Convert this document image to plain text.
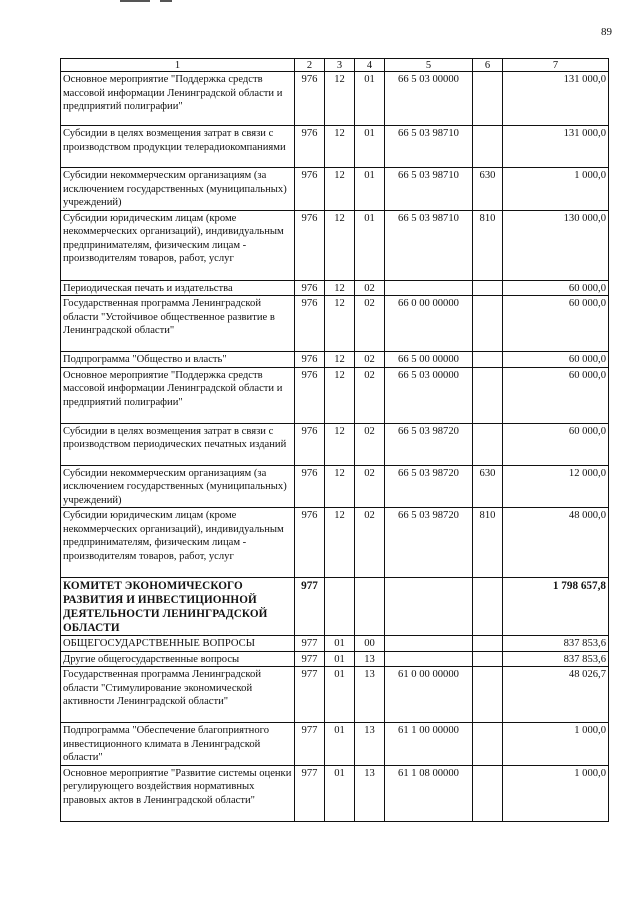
89
1	2	3	4	5	6	7
Основное мероприятие "Поддержка средств массовой информации Ленинградской области и предприятий полиграфии"	976	12	01	66 5 03 00000		131 000,0
Субсидии в целях возмещения затрат в связи с производством продукции телерадиокомпаниями	976	12	01	66 5 03 98710		131 000,0
Субсидии некоммерческим организациям (за исключением государственных (муниципальных) учреждений)	976	12	01	66 5 03 98710	630	1 000,0
Субсидии юридическим лицам (кроме некоммерческих организаций), индивидуальным предпринимателям, физическим лицам - производителям товаров, работ, услуг	976	12	01	66 5 03 98710	810	130 000,0
Периодическая печать и издательства	976	12	02			60 000,0
Государственная программа Ленинградской области "Устойчивое общественное развитие в Ленинградской области"	976	12	02	66 0 00 00000		60 000,0
Подпрограмма "Общество и власть"	976	12	02	66 5 00 00000		60 000,0
Основное мероприятие "Поддержка средств массовой информации Ленинградской области и предприятий полиграфии"	976	12	02	66 5 03 00000		60 000,0
Субсидии в целях возмещения затрат в связи с производством периодических печатных изданий	976	12	02	66 5 03 98720		60 000,0
Субсидии некоммерческим организациям (за исключением государственных (муниципальных) учреждений)	976	12	02	66 5 03 98720	630	12 000,0
Субсидии юридическим лицам (кроме некоммерческих организаций), индивидуальным предпринимателям, физическим лицам - производителям товаров, работ, услуг	976	12	02	66 5 03 98720	810	48 000,0
КОМИТЕТ ЭКОНОМИЧЕСКОГО РАЗВИТИЯ И ИНВЕСТИЦИОННОЙ ДЕЯТЕЛЬНОСТИ ЛЕНИНГРАДСКОЙ ОБЛАСТИ	977					1 798 657,8
ОБЩЕГОСУДАРСТВЕННЫЕ ВОПРОСЫ	977	01	00			837 853,6
Другие общегосударственные вопросы	977	01	13			837 853,6
Государственная программа Ленинградской области "Стимулирование экономической активности Ленинградской области"	977	01	13	61 0 00 00000		48 026,7
Подпрограмма "Обеспечение благоприятного инвестиционного климата в Ленинградской области"	977	01	13	61 1 00 00000		1 000,0
Основное мероприятие "Развитие системы оценки регулирующего воздействия нормативных правовых актов в Ленинградской области"	977	01	13	61 1 08 00000		1 000,0
